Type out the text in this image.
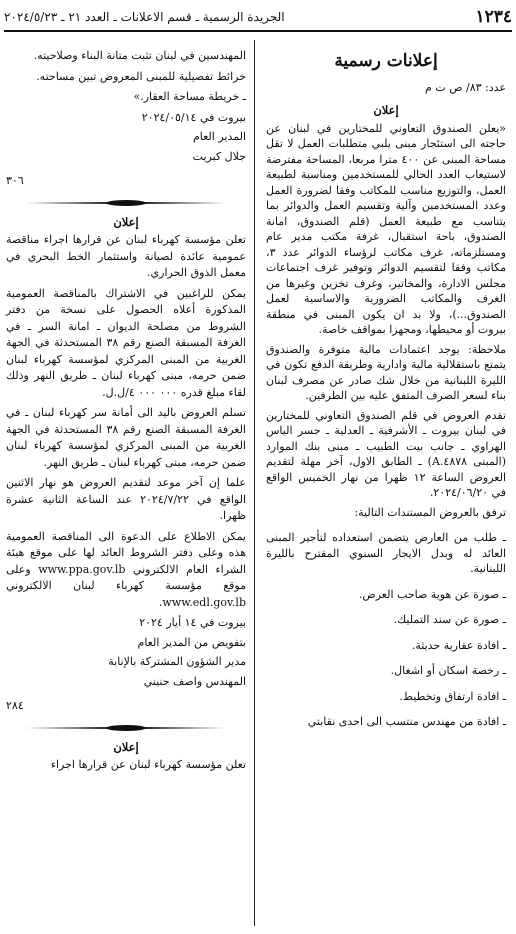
١٢٣٤
الجريدة الرسمية ـ قسم الاعلانات ـ العدد ٢١ ـ ٢٠٢٤/٥/٢٣
إعلانات رسمية
عدد: ٨٣/ ص ت م
إعلان

«يعلن الصندوق التعاوني للمختارين في لبنان عن حاجته الى استئجار مبنى يلبي متطلبات العمل لا تقل مساحة المبنى عن ٤٠٠ مترا مربعا، المساحة مفترضة لاستيعاب العدد الحالي للمستخدمين ومناسبة لطبيعة العمل، والتوزيع مناسب للمكاتب وفقا لضرورة العمل وعدد المستخدمين وآلية وتقسيم العمل والدوائر بما يتناسب مع طبيعة العمل (قلم الصندوق، امانة الصندوق، باحة استقبال، غرفة مكتب مدير عام ومستلزماته، غرف مكاتب لرؤساء الدوائر عدد ٣، مكاتب وفقا لتقسيم الدوائر وتوفير غرف اجتماعات مجلس الادارة، والمخاتير، وغرف تخزين وغيرها من الغرف والمكاتب الضرورية والاساسية لعمل الصندوق...)، ولا بد ان يكون المبنى في منطقة بيروت أو محيطها، ومجهزا بمواقف خاصة.

ملاحظة: يوجد اعتمادات مالية متوفرة والصندوق يتمتع باستقلالية مالية وادارية وطريقة الدفع تكون في الليرة اللبنانية من خلال شك صادر عن مصرف لبنان بناء لسعر الصرف المتفق عليه بين الطرفين.

تقدم العروض في قلم الصندوق التعاوني للمختارين في لبنان بيروت ـ الأشرفية ـ العدلية ـ جسر الياس الهراوي ـ جانب بيت الطبيب ـ مبنى بنك الموارد (المبنى ٤٨٧٨.A) ـ الطابق الاول، آخر مهلة لتقديم العروض الساعة ١٢ ظهرا من نهار الخميس الواقع في ٢٠٢٤/٠٦/٢٠.

ترفق بالعروض المستندات التالية:

ـ طلب من العارض يتضمن استعداده لتأجير المبنى العائد له وبدل الايجار السنوي المقترح بالليرة اللبنانية.
ـ صورة عن هوية صاحب العرض.
ـ صورة عن سند التمليك.
ـ افادة عقارية حديثة.
ـ رخصة اسكان أو اشغال.
ـ افادة ارتفاق وتخطيط.
ـ افادة من مهندس منتسب الى احدى نقابتي

المهندسين في لبنان تثبت متانة البناء وصلاحيته.

خرائط تفصيلية للمبنى المعروض تبين مساحته.

ـ خريطة مساحة العقار.»

بيروت في ٢٠٢٤/٠٥/١٤

المدير العام

جلال كبريت

٣٠٦
إعلان

تعلن مؤسسة كهرباء لبنان عن قرارها اجراء مناقصة عمومية عائدة لصيانة واستثمار الخط البحري في معمل الذوق الحراري.

يمكن للراغبين في الاشتراك بالمناقصة العمومية المذكورة أعلاه الحصول على نسخة من دفتر الشروط من مصلحة الديوان ـ امانة السر ـ في الغرفة المسبقة الصنع رقم ٣٨ المستحدثة في الجهة الغربية من المبنى المركزي لمؤسسة كهرباء لبنان ضمن حرمه، مبنى كهرباء لبنان ـ طريق النهر وذلك لقاء مبلغ قدره ٠٠٠ ٠٠٠ ٤/ل.ل.

تسلم العروض باليد الى أمانة سر كهرباء لبنان ـ في الغرفة المسبقة الصنع رقم ٣٨ المستحدثة في الجهة الغربية من المبنى المركزي لمؤسسة كهرباء لبنان ضمن حرمه، مبنى كهرباء لبنان ـ طريق النهر.

علما إن آخر موعد لتقديم العروض هو نهار الاثنين الواقع في ٢٠٢٤/٧/٢٢ عند الساعة الثانية عشرة ظهرا.

يمكن الاطلاع على الدعوة الى المناقصة العمومية هذه وعلى دفتر الشروط العائد لها على موقع هيئة الشراء العام الالكتروني www.ppa.gov.lb وعلى موقع مؤسسة كهرباء لبنان الالكتروني www.edl.gov.lb.

بيروت في ١٤ أيار ٢٠٢٤

بتفويض من المدير العام

مدير الشؤون المشتركة بالإنابة

المهندس واصف حنيني

٢٨٤
إعلان

تعلن مؤسسة كهرباء لبنان عن قرارها اجراء
